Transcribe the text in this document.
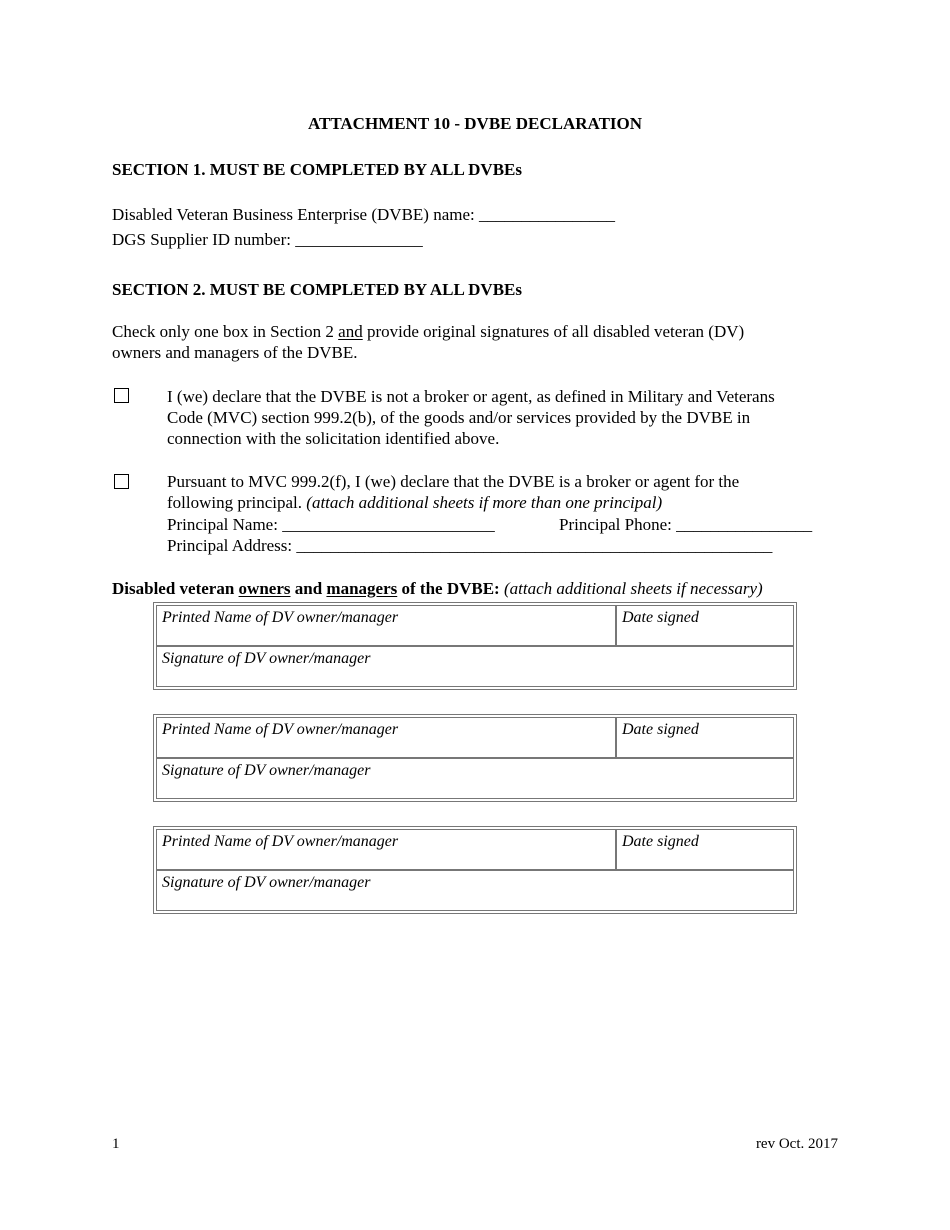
ATTACHMENT 10 - DVBE DECLARATION
SECTION 1. MUST BE COMPLETED BY ALL DVBEs
Disabled Veteran Business Enterprise (DVBE) name: ________________
DGS Supplier ID number: _______________
SECTION 2. MUST BE COMPLETED BY ALL DVBEs
Check only one box in Section 2 and provide original signatures of all disabled veteran (DV)
owners and managers of the DVBE.
I (we) declare that the DVBE is not a broker or agent, as defined in Military and Veterans
Code (MVC) section 999.2(b), of the goods and/or services provided by the DVBE in
connection with the solicitation identified above.
Pursuant to MVC 999.2(f), I (we) declare that the DVBE is a broker or agent for the
following principal. (attach additional sheets if more than one principal)
Principal Name: _________________________	Principal Phone: ________________
Principal Address: ________________________________________________________
Disabled veteran owners and managers of the DVBE: (attach additional sheets if necessary)
Printed Name of DV owner/manager	Date signed
Signature of DV owner/manager
Printed Name of DV owner/manager	Date signed
Signature of DV owner/manager
Printed Name of DV owner/manager	Date signed
Signature of DV owner/manager
1	rev Oct. 2017
